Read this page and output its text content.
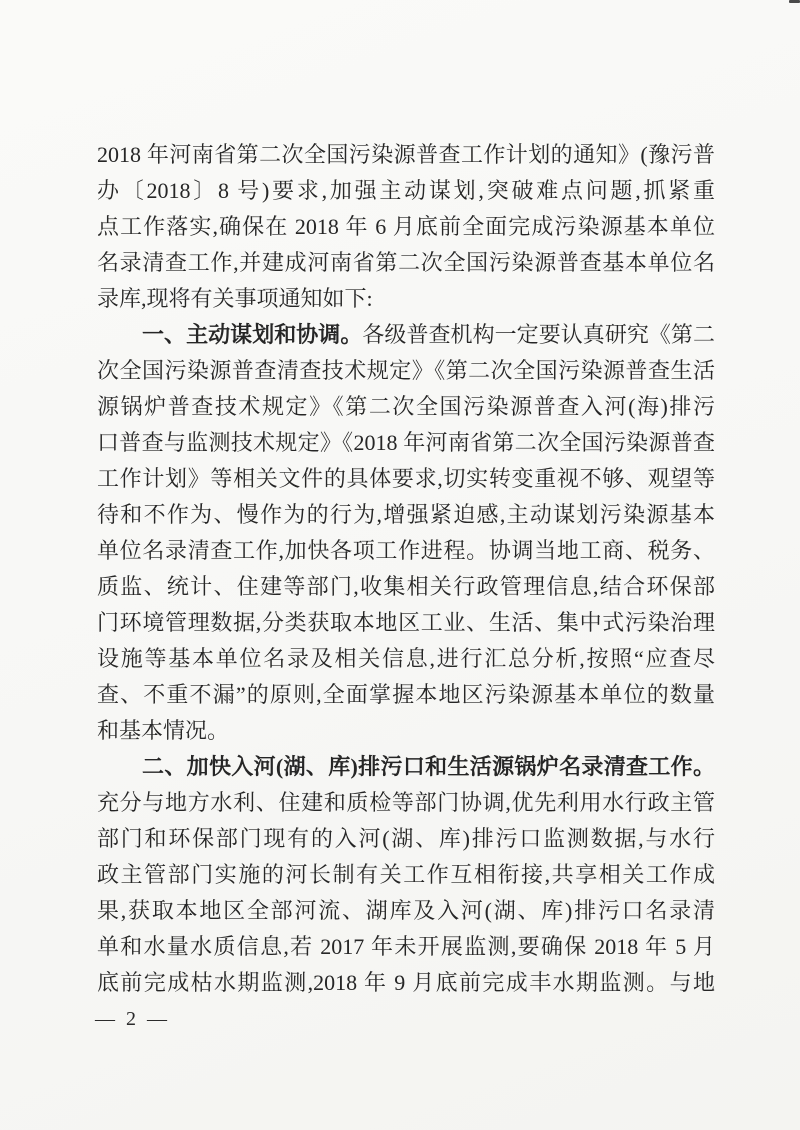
2018 年河南省第二次全国污染源普查工作计划的通知》(豫污普
办〔2018〕8 号)要求,加强主动谋划,突破难点问题,抓紧重
点工作落实,确保在 2018 年 6 月底前全面完成污染源基本单位
名录清查工作,并建成河南省第二次全国污染源普查基本单位名
录库,现将有关事项通知如下:
一、主动谋划和协调。各级普查机构一定要认真研究《第二
次全国污染源普查清查技术规定》《第二次全国污染源普查生活
源锅炉普查技术规定》《第二次全国污染源普查入河(海)排污
口普查与监测技术规定》《2018 年河南省第二次全国污染源普查
工作计划》等相关文件的具体要求,切实转变重视不够、观望等
待和不作为、慢作为的行为,增强紧迫感,主动谋划污染源基本
单位名录清查工作,加快各项工作进程。协调当地工商、税务、
质监、统计、住建等部门,收集相关行政管理信息,结合环保部
门环境管理数据,分类获取本地区工业、生活、集中式污染治理
设施等基本单位名录及相关信息,进行汇总分析,按照“应查尽
查、不重不漏”的原则,全面掌握本地区污染源基本单位的数量
和基本情况。
二、加快入河(湖、库)排污口和生活源锅炉名录清查工作。
充分与地方水利、住建和质检等部门协调,优先利用水行政主管
部门和环保部门现有的入河(湖、库)排污口监测数据,与水行
政主管部门实施的河长制有关工作互相衔接,共享相关工作成
果,获取本地区全部河流、湖库及入河(湖、库)排污口名录清
单和水量水质信息,若 2017 年未开展监测,要确保 2018 年 5 月
底前完成枯水期监测,2018 年 9 月底前完成丰水期监测。与地
— 2 —
